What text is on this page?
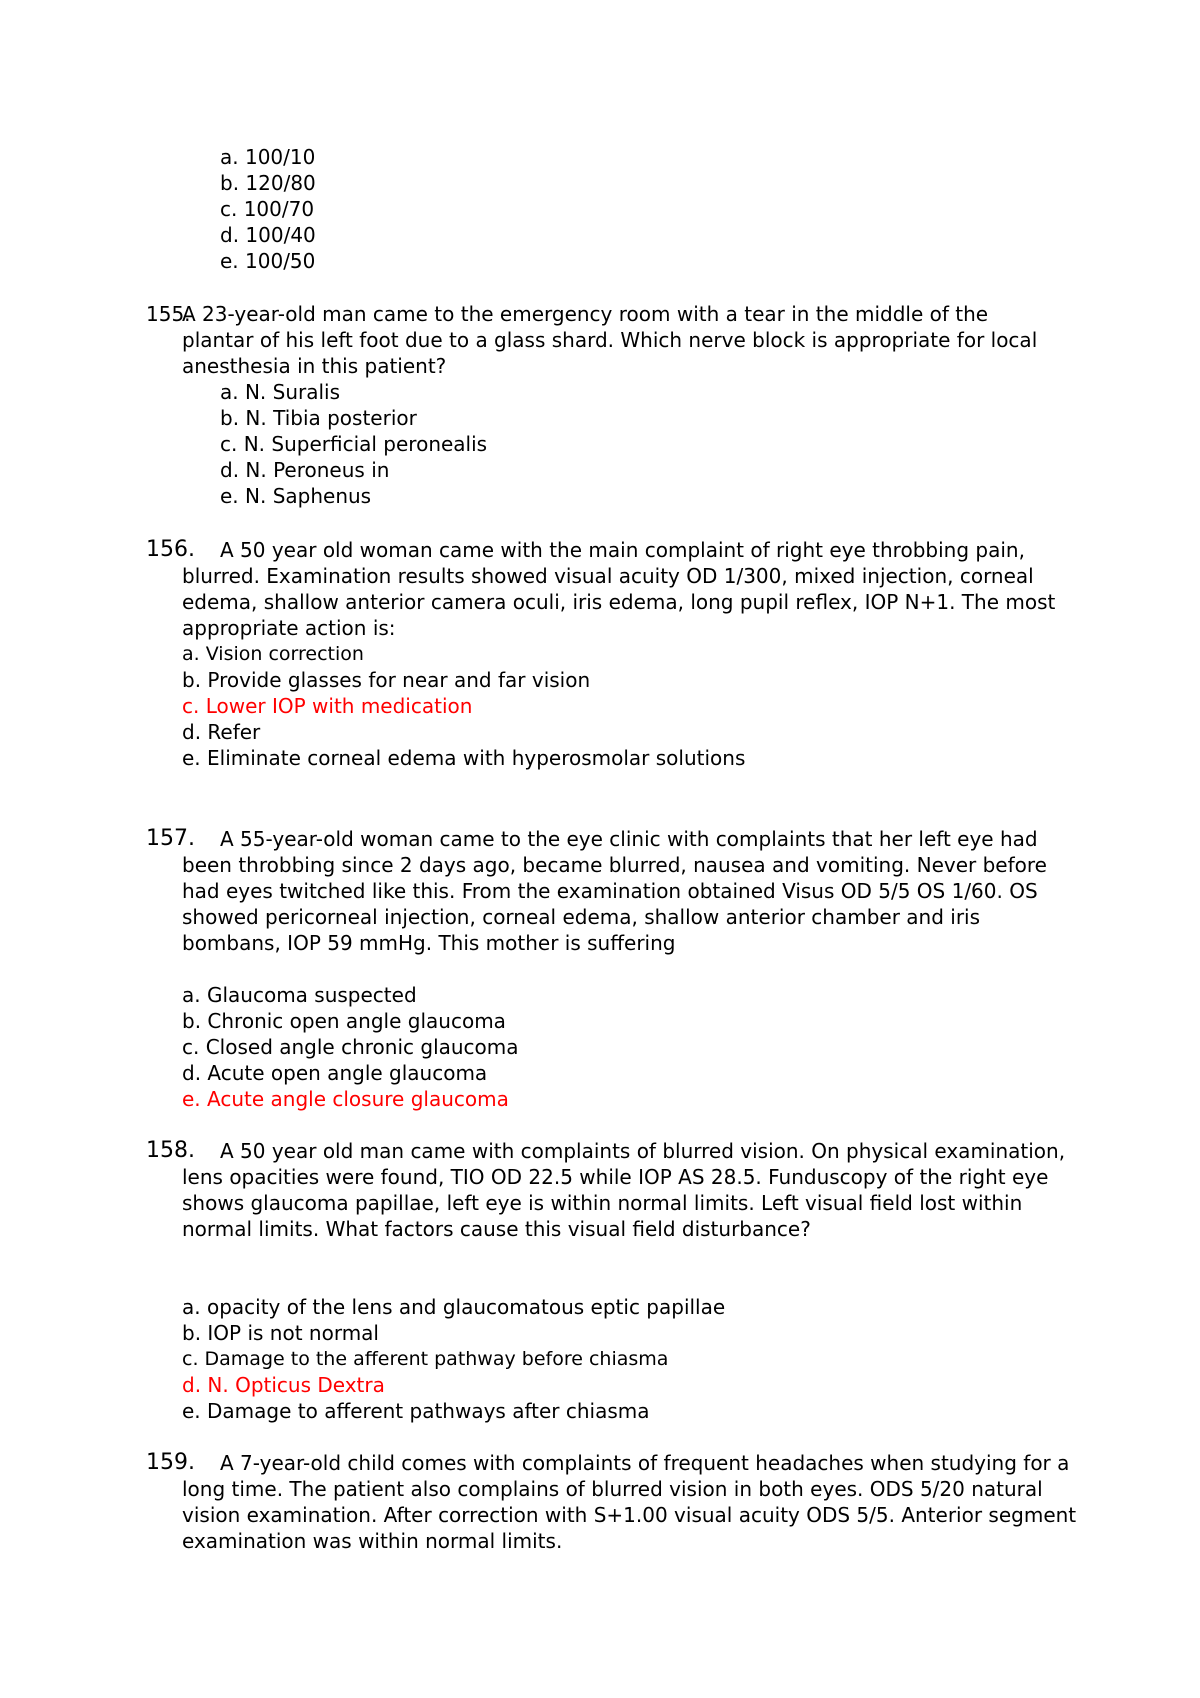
a. 100/10
b. 120/80
c. 100/70
d. 100/40
e. 100/50
155.
A 23-year-old man came to the emergency room with a tear in the middle of the plantar of his left foot due to a glass shard. Which nerve block is appropriate for local anesthesia in this patient?
a. N. Suralis
b. N. Tibia posterior
c. N. Superficial peronealis
d. N. Peroneus in
e. N. Saphenus
156.	A 50 year old woman came with the main complaint of right eye throbbing pain, blurred. Examination results showed visual acuity OD 1/300, mixed injection, corneal edema, shallow anterior camera oculi, iris edema, long pupil reflex, IOP N+1. The most appropriate action is:
a. Vision correction
b. Provide glasses for near and far vision
c. Lower IOP with medication
d. Refer
e. Eliminate corneal edema with hyperosmolar solutions
157.	A 55-year-old woman came to the eye clinic with complaints that her left eye had been throbbing since 2 days ago, became blurred, nausea and vomiting. Never before had eyes twitched like this. From the examination obtained Visus OD 5/5 OS 1/60. OS showed pericorneal injection, corneal edema, shallow anterior chamber and iris bombans, IOP 59 mmHg. This mother is suffering
a. Glaucoma suspected
b. Chronic open angle glaucoma
c. Closed angle chronic glaucoma
d. Acute open angle glaucoma
e. Acute angle closure glaucoma
158.	A 50 year old man came with complaints of blurred vision. On physical examination, lens opacities were found, TIO OD 22.5 while IOP AS 28.5. Funduscopy of the right eye shows glaucoma papillae, left eye is within normal limits. Left visual field lost within normal limits. What factors cause this visual field disturbance?
a. opacity of the lens and glaucomatous eptic papillae
b. IOP is not normal
c. Damage to the afferent pathway before chiasma
d. N. Opticus Dextra
e. Damage to afferent pathways after chiasma
159.	A 7-year-old child comes with complaints of frequent headaches when studying for a long time. The patient also complains of blurred vision in both eyes. ODS 5/20 natural vision examination. After correction with S+1.00 visual acuity ODS 5/5. Anterior segment examination was within normal limits.
